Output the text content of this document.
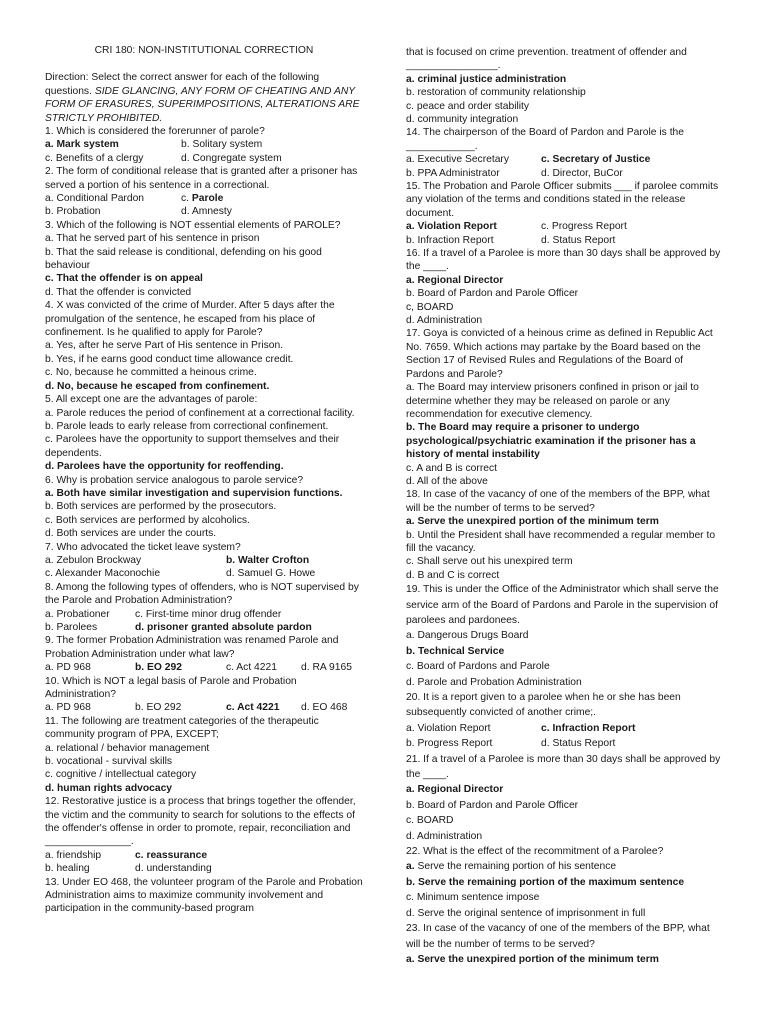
CRI 180: NON-INSTITUTIONAL CORRECTION
Direction: Select the correct answer for each of the following questions. SIDE GLANCING, ANY FORM OF CHEATING AND ANY FORM OF ERASURES, SUPERIMPOSITIONS, ALTERATIONS ARE STRICTLY PROHIBITED.
1. Which is considered the forerunner of parole?
a. Mark system	b. Solitary system
c. Benefits of a clergy	d. Congregate system
2. The form of conditional release that is granted after a prisoner has served a portion of his sentence in a correctional.
a. Conditional Pardon	c. Parole
b. Probation	d. Amnesty
3. Which of the following is NOT essential elements of PAROLE?
a. That he served part of his sentence in prison
b. That the said release is conditional, defending on his good behaviour
c. That the offender is on appeal
d. That the offender is convicted
4. X was convicted of the crime of Murder. After 5 days after the promulgation of the sentence, he escaped from his place of confinement. Is he qualified to apply for Parole?
a. Yes, after he serve Part of His sentence in Prison.
b. Yes, if he earns good conduct time allowance credit.
c. No, because he committed a heinous crime.
d. No, because he escaped from confinement.
5. All except one are the advantages of parole:
a. Parole reduces the period of confinement at a correctional facility.
b. Parole leads to early release from correctional confinement.
c. Parolees have the opportunity to support themselves and their dependents.
d. Parolees have the opportunity for reoffending.
6. Why is probation service analogous to parole service?
a. Both have similar investigation and supervision functions.
b. Both services are performed by the prosecutors.
c. Both services are performed by alcoholics.
d. Both services are under the courts.
7. Who advocated the ticket leave system?
a. Zebulon Brockway	b. Walter Crofton
c. Alexander Maconochie	d. Samuel G. Howe
8. Among the following types of offenders, who is NOT supervised by the Parole and Probation Administration?
a. Probationer c. First-time minor drug offender
b. Parolees	d. prisoner granted absolute pardon
9. The former Probation Administration was renamed Parole and Probation Administration under what law?
a. PD 968	b. EO 292	c. Act 4221 d. RA 9165
10. Which is NOT a legal basis of Parole and Probation Administration?
a. PD 968	b. EO 292	c. Act 4221 d. EO 468
11. The following are treatment categories of the therapeutic community program of PPA, EXCEPT;
a. relational / behavior management
b. vocational - survival skills
c. cognitive / intellectual category
d. human rights advocacy
12. Restorative justice is a process that brings together the offender, the victim and the community to search for solutions to the effects of the offender's offense in order to promote, repair, reconciliation and _______________.
a. friendship	c. reassurance
b. healing	d. understanding
13. Under EO 468, the volunteer program of the Parole and Probation Administration aims to maximize community involvement and participation in the community-based program
that is focused on crime prevention. treatment of offender and ________________.
a. criminal justice administration
b. restoration of community relationship
c. peace and order stability
d. community integration
14. The chairperson of the Board of Pardon and Parole is the ____________.
a. Executive Secretary	c. Secretary of Justice
b. PPA Administrator	d. Director, BuCor
15. The Probation and Parole Officer submits ___ if parolee commits any violation of the terms and conditions stated in the release document.
a. Violation Report	c. Progress Report
b. Infraction Report	d. Status Report
16. If a travel of a Parolee is more than 30 days shall be approved by the ____.
a. Regional Director
b. Board of Pardon and Parole Officer
c, BOARD
d. Administration
17. Goya is convicted of a heinous crime as defined in Republic Act No. 7659. Which actions may partake by the Board based on the Section 17 of Revised Rules and Regulations of the Board of Pardons and Parole?
a. The Board may interview prisoners confined in prison or jail to determine whether they may be released on parole or any recommendation for executive clemency.
b. The Board may require a prisoner to undergo psychological/psychiatric examination if the prisoner has a history of mental instability
c. A and B is correct
d. All of the above
18. In case of the vacancy of one of the members of the BPP, what will be the number of terms to be served?
a. Serve the unexpired portion of the minimum term
b. Until the President shall have recommended a regular member to fill the vacancy.
c. Shall serve out his unexpired term
d. B and C is correct
19. This is under the Office of the Administrator which shall serve the service arm of the Board of Pardons and Parole in the supervision of parolees and pardonees.
a. Dangerous Drugs Board
b. Technical Service
c. Board of Pardons and Parole
d. Parole and Probation Administration
20. It is a report given to a parolee when he or she has been subsequently convicted of another crime;.
a. Violation Report	c. Infraction Report
b. Progress Report	d. Status Report
21. If a travel of a Parolee is more than 30 days shall be approved by the ____.
a. Regional Director
b. Board of Pardon and Parole Officer
c. BOARD
d. Administration
22. What is the effect of the recommitment of a Parolee?
a. Serve the remaining portion of his sentence
b. Serve the remaining portion of the maximum sentence
c. Minimum sentence impose
d. Serve the original sentence of imprisonment in full
23. In case of the vacancy of one of the members of the BPP, what will be the number of terms to be served?
a. Serve the unexpired portion of the minimum term
